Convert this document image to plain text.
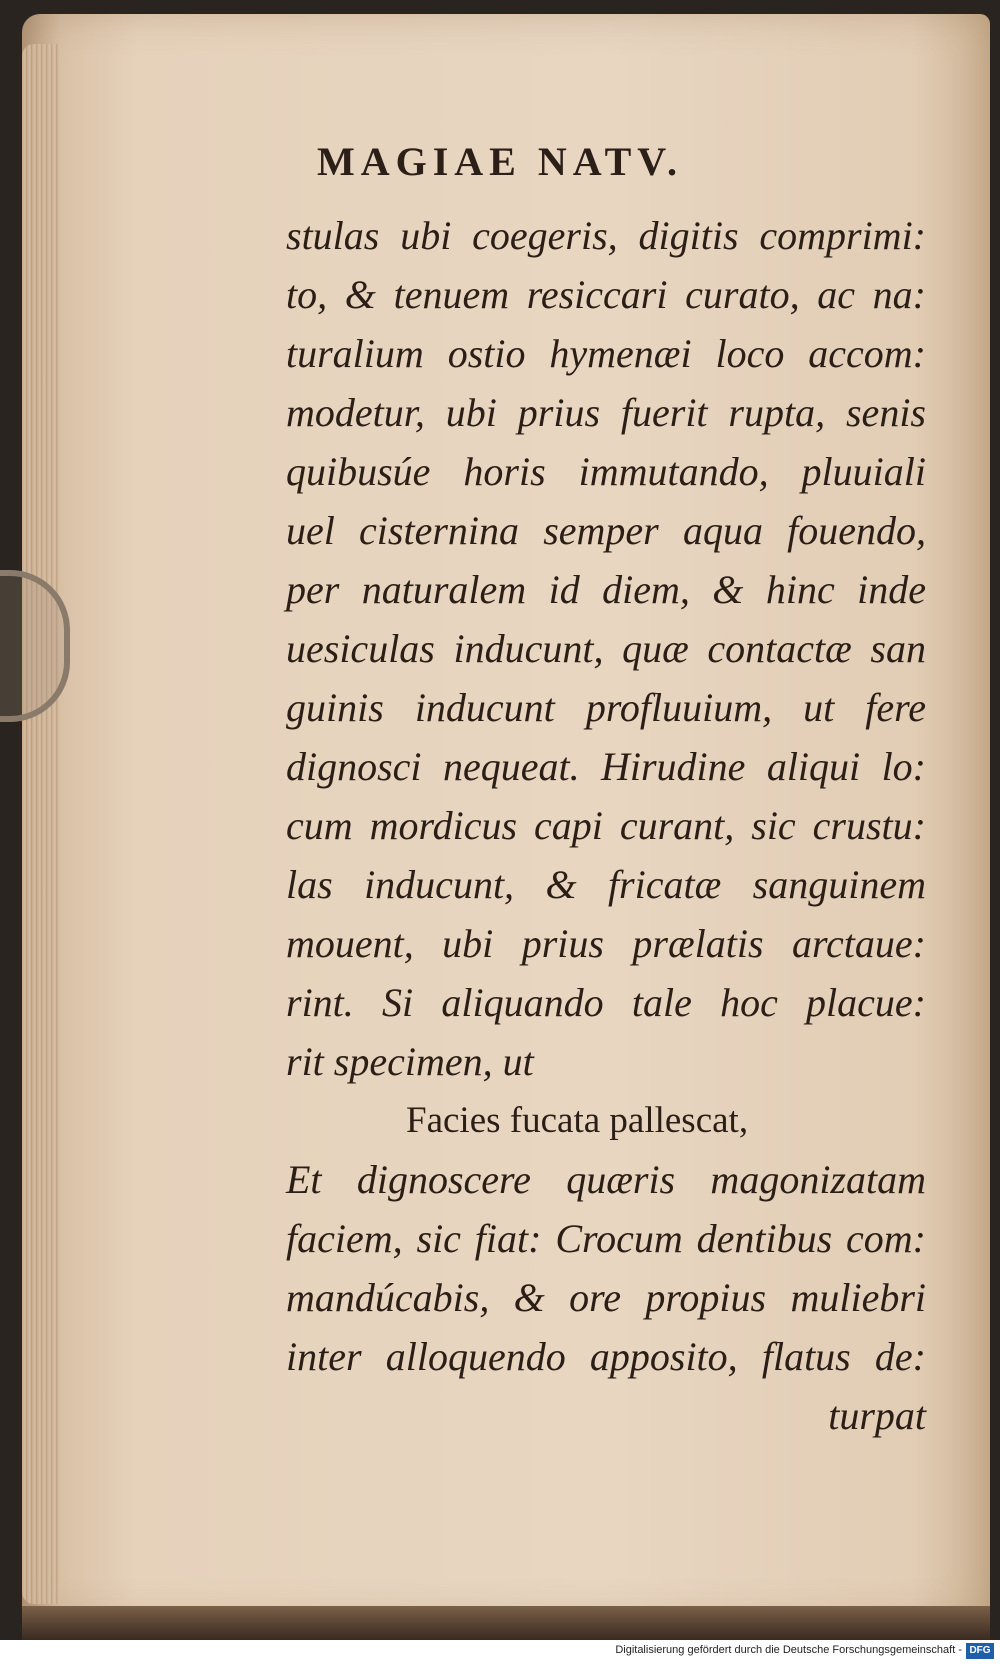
MAGIAE NATV.
stulas ubi coegeris, digitis comprimi:
to, & tenuem resiccari curato, ac na:
turalium ostio hymenæi loco accom:
modetur, ubi prius fuerit rupta, senis
quibusúe horis immutando, pluuiali
uel cisternina semper aqua fouendo,
per naturalem id diem, & hinc inde
uesiculas inducunt, quæ contactæ san
guinis inducunt profluuium, ut fere
dignosci nequeat. Hirudine aliqui lo:
cum mordicus capi curant, sic crustu:
las inducunt, & fricatæ sanguinem
mouent, ubi prius prælatis arctaue:
rint. Si aliquando tale hoc placue:
rit specimen, ut
Facies fucata pallescat,
Et dignoscere quæris magonizatam
faciem, sic fiat: Crocum dentibus com:
mandúcabis, & ore propius muliebri
inter alloquendo apposito, flatus de:
turpat
Digitalisierung gefördert durch die Deutsche Forschungsgemeinschaft - DFG
